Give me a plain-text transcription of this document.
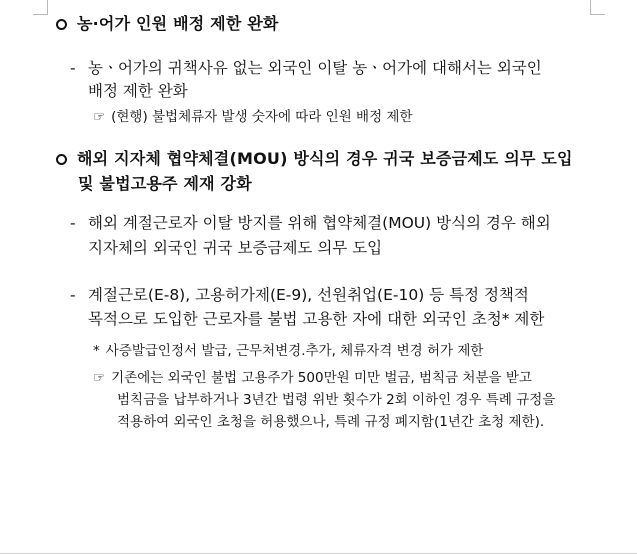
농·어가 인원 배정 제한 완화
- 농ㆍ어가의 귀책사유 없는 외국인 이탈 농ㆍ어가에 대해서는 외국인
배정 제한 완화
☞ (현행) 불법체류자 발생 숫자에 따라 인원 배정 제한
해외 지자체 협약체결(MOU) 방식의 경우 귀국 보증금제도 의무 도입
및 불법고용주 제재 강화
- 해외 계절근로자 이탈 방지를 위해 협약체결(MOU) 방식의 경우 해외
지자체의 외국인 귀국 보증금제도 의무 도입
- 계절근로(E-8), 고용허가제(E-9), 선원취업(E-10) 등 특정 정책적
목적으로 도입한 근로자를 불법 고용한 자에 대한 외국인 초청* 제한
* 사증발급인정서 발급, 근무처변경.추가, 체류자격 변경 허가 제한
☞ 기존에는 외국인 불법 고용주가 500만원 미만 벌금, 범칙금 처분을 받고
범칙금을 납부하거나 3년간 법령 위반 횟수가 2회 이하인 경우 특례 규정을
적용하여 외국인 초청을 허용했으나, 특례 규정 폐지함(1년간 초청 제한).
